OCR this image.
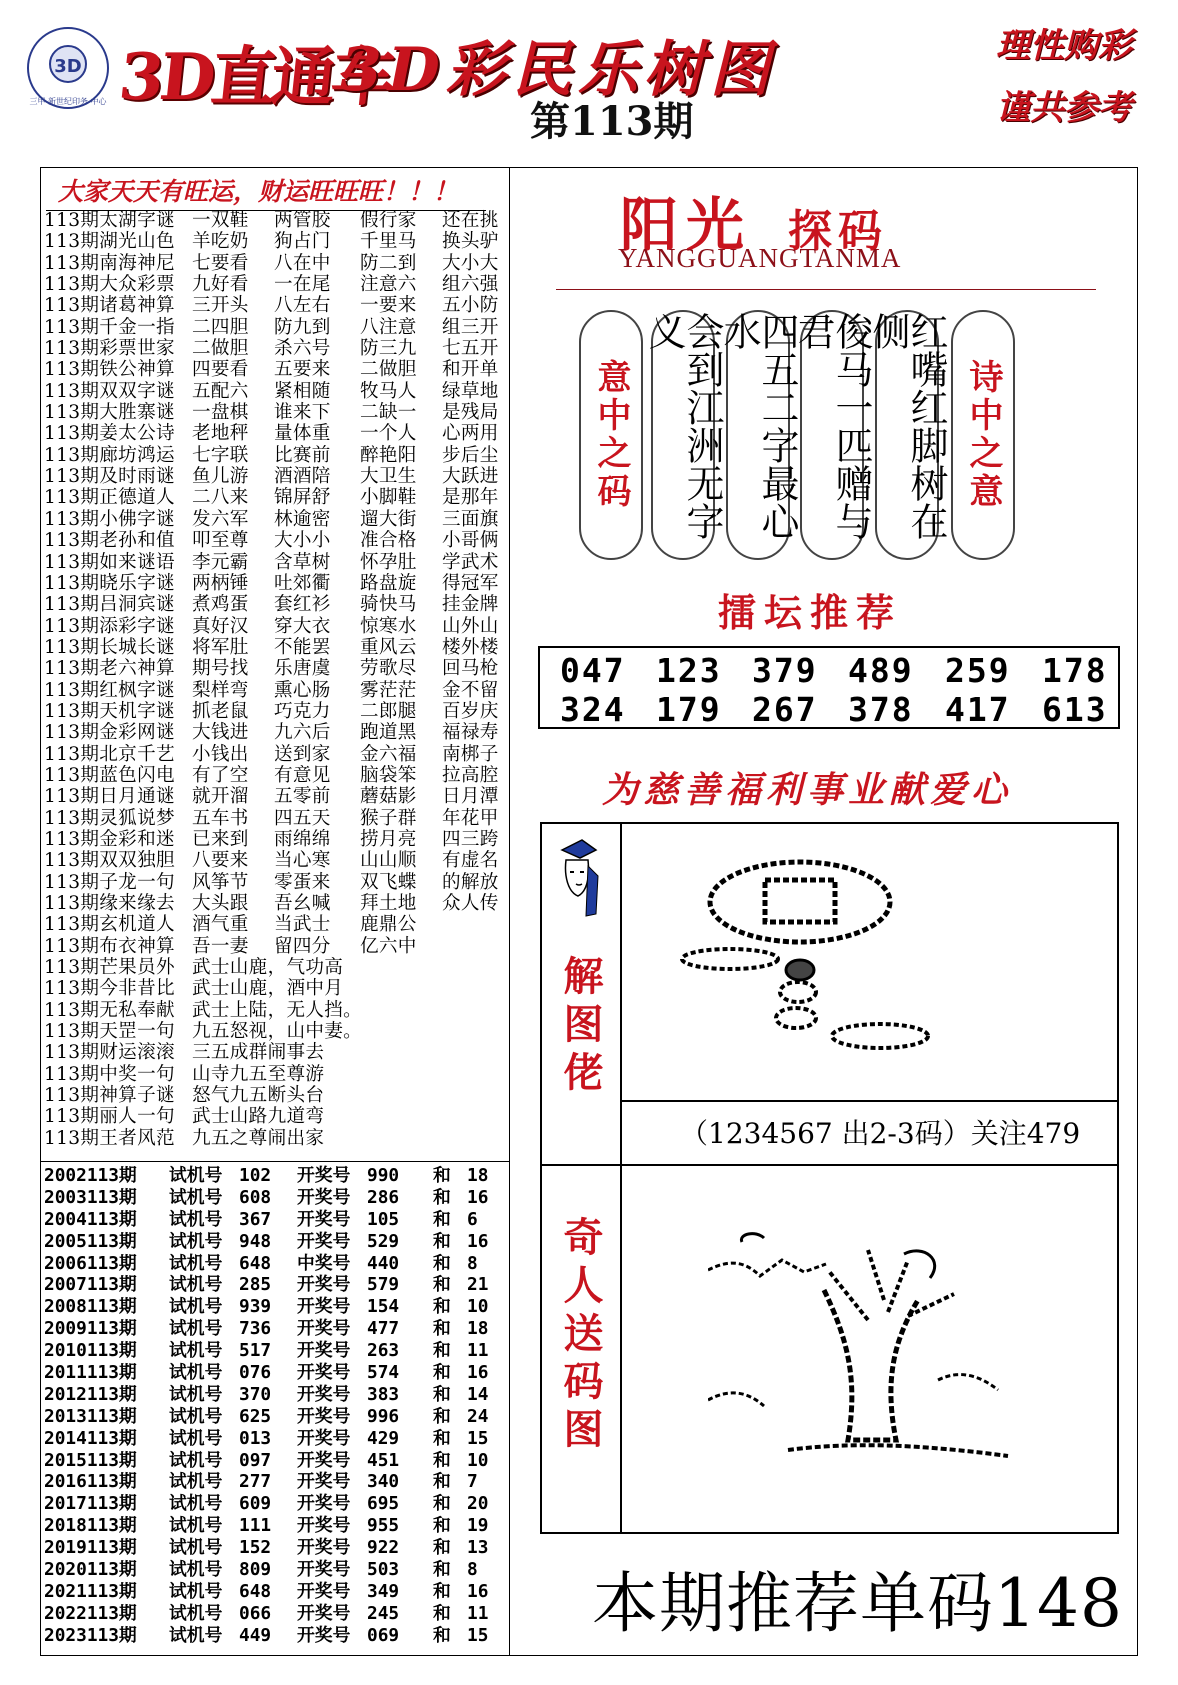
3D
三甲 新世纪印务 中心 3D直通车
3D彩民乐树图
第113期
理性购彩
谨共参考
大家天天有旺运，财运旺旺旺！！！
113期太湖字谜 一双鞋 两管胶 假行家 还在挑
113期湖光山色 羊吃奶 狗占门 千里马 换头驴
113期南海神尼 七要看 八在中 防二到 大小大
113期大众彩票 九好看 一在尾 注意六 组六强
113期诸葛神算 三开头 八左右 一要来 五小防
113期千金一指 二四胆 防九到 八注意 组三开
113期彩票世家 二做胆 杀六号 防三九 七五开
113期铁公神算 四要看 五要来 二做胆 和开单
113期双双字谜 五配六 紧相随 牧马人 绿草地
113期大胜寨谜 一盘棋 谁来下 二缺一 是残局
113期姜太公诗 老地秤 量体重 一个人 心两用
113期廊坊鸿运 七字联 比赛前 醉艳阳 步后尘
113期及时雨谜 鱼儿游 酒酒陪 大卫生 大跃进
113期正德道人 二八来 锦屏舒 小脚鞋 是那年
113期小佛字谜 发六军 林逾密 遛大街 三面旗
113期老孙和值 叩至尊 大小小 准合格 小哥俩
113期如来谜语 李元霸 含草树 怀孕肚 学武术
113期晓乐字谜 两柄锤 吐郊衢 路盘旋 得冠军
113期吕洞宾谜 煮鸡蛋 套红衫 骑快马 挂金牌
113期添彩字谜 真好汉 穿大衣 惊寒水 山外山
113期长城长谜 将军肚 不能罢 重风云 楼外楼
113期老六神算 期号找 乐唐虞 劳歌尽 回马枪
113期红枫字谜 梨样弯 熏心肠 雾茫茫 金不留
113期天机字谜 抓老鼠 巧克力 二郎腿 百岁庆
113期金彩网谜 大钱进 九六后 跑道黑 福禄寿
113期北京千艺 小钱出 送到家 金六福 南梆子
113期蓝色闪电 有了空 有意见 脑袋笨 拉高腔
113期日月通谜 就开溜 五零前 蘑菇影 日月潭
113期灵狐说梦 五车书 四五天 猴子群 年花甲
113期金彩和迷 已来到 雨绵绵 捞月亮 四三跨
113期双双独胆 八要来 当心寒 山山顺 有虚名
113期子龙一句 风筝节 零蛋来 双飞蝶 的解放
113期缘来缘去 大头跟 吾幺喊 拜土地 众人传
113期玄机道人 酒气重 当武士 鹿鼎公
113期布衣神算 吾一妻 留四分 亿六中
113期芒果员外 武士山鹿，气功高
113期今非昔比 武士山鹿，酒中月
113期无私奉献 武士上陆，无人挡。
113期天罡一句 九五怒视，山中妻。
113期财运滚滚 三五成群闹事去
113期中奖一句 山寺九五至尊游
113期神算子谜 怒气九五断头台
113期丽人一句 武士山路九道弯
113期王者风范 九五之尊闹出家
2002113期 试机号 102 开奖号 990 和 18
2003113期 试机号 608 开奖号 286 和 16
2004113期 试机号 367 开奖号 105 和 6
2005113期 试机号 948 开奖号 529 和 16
2006113期 试机号 648 中奖号 440 和 8
2007113期 试机号 285 开奖号 579 和 21
2008113期 试机号 939 开奖号 154 和 10
2009113期 试机号 736 开奖号 477 和 18
2010113期 试机号 517 开奖号 263 和 11
2011113期 试机号 076 开奖号 574 和 16
2012113期 试机号 370 开奖号 383 和 14
2013113期 试机号 625 开奖号 996 和 24
2014113期 试机号 013 开奖号 429 和 15
2015113期 试机号 097 开奖号 451 和 10
2016113期 试机号 277 开奖号 340 和 7
2017113期 试机号 609 开奖号 695 和 20
2018113期 试机号 111 开奖号 955 和 19
2019113期 试机号 152 开奖号 922 和 13
2020113期 试机号 809 开奖号 503 和 8
2021113期 试机号 648 开奖号 349 和 16
2022113期 试机号 066 开奖号 245 和 11
2023113期 试机号 449 开奖号 069 和 15
阳光 探码
YANGGUANGTANMA
意中之码	会到江洲无字义	四五二字最心水	俊马一匹赠与君	红嘴红脚树在侧
诗中之意
擂坛推荐
047 123 379 489 259 178
324 179 267 378 417 613
为慈善福利事业献爱心
解图佬
奇人送码图
（1234567 出2-3码）关注479
本期推荐单码148
